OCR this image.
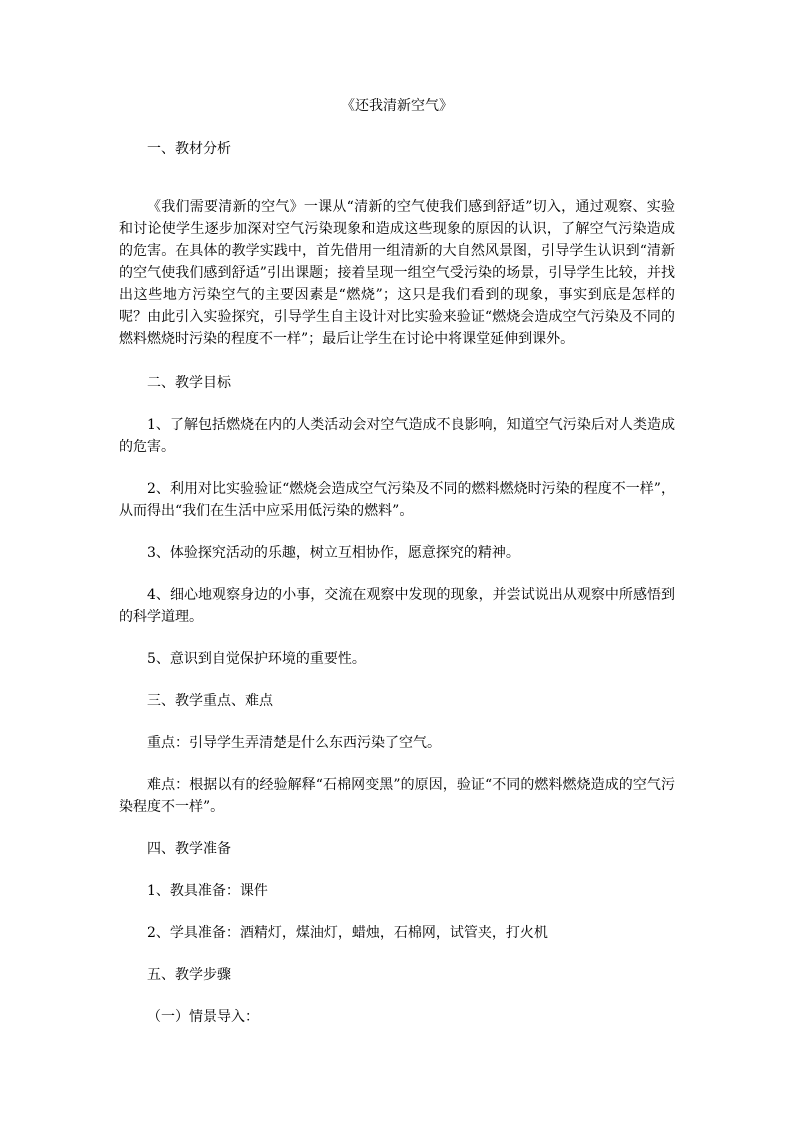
《还我清新空气》

一、教材分析

《我们需要清新的空气》一课从“清新的空气使我们感到舒适”切入，通过观察、实验和讨论使学生逐步加深对空气污染现象和造成这些现象的原因的认识，了解空气污染造成的危害。在具体的教学实践中，首先借用一组清新的大自然风景图，引导学生认识到“清新的空气使我们感到舒适”引出课题；接着呈现一组空气受污染的场景，引导学生比较，并找出这些地方污染空气的主要因素是“燃烧”；这只是我们看到的现象，事实到底是怎样的呢？由此引入实验探究，引导学生自主设计对比实验来验证“燃烧会造成空气污染及不同的燃料燃烧时污染的程度不一样”；最后让学生在讨论中将课堂延伸到课外。

二、教学目标

1、了解包括燃烧在内的人类活动会对空气造成不良影响，知道空气污染后对人类造成的危害。

2、利用对比实验验证“燃烧会造成空气污染及不同的燃料燃烧时污染的程度不一样”，从而得出“我们在生活中应采用低污染的燃料”。

3、体验探究活动的乐趣，树立互相协作，愿意探究的精神。

4、细心地观察身边的小事，交流在观察中发现的现象，并尝试说出从观察中所感悟到的科学道理。

5、意识到自觉保护环境的重要性。

三、教学重点、难点

重点：引导学生弄清楚是什么东西污染了空气。

难点：根据以有的经验解释“石棉网变黑”的原因，验证“不同的燃料燃烧造成的空气污染程度不一样”。

四、教学准备

1、教具准备：课件

2、学具准备：酒精灯，煤油灯，蜡烛，石棉网，试管夹，打火机

五、教学步骤

（一）情景导入：
